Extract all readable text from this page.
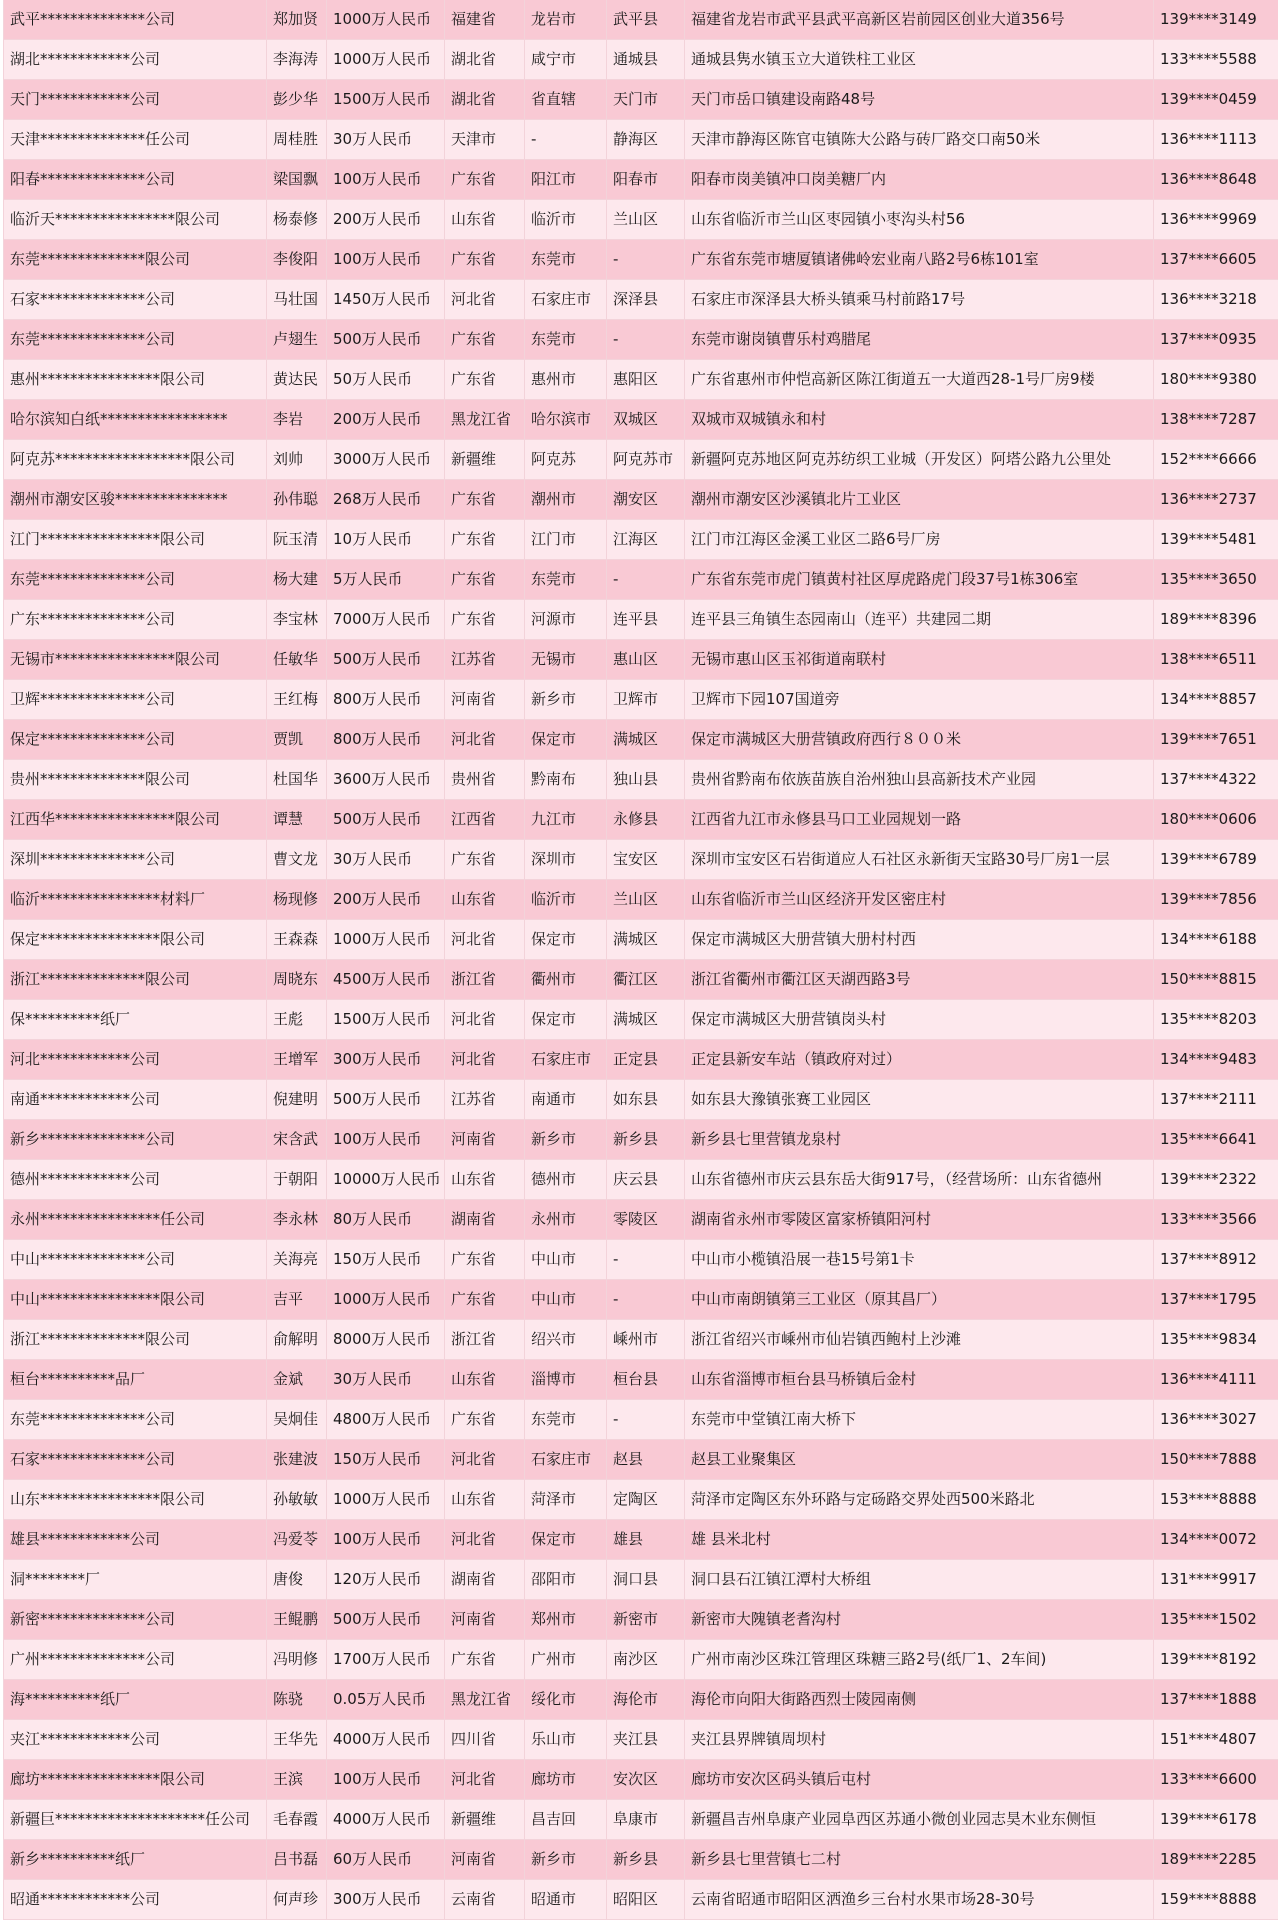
武平**************公司	郑加贤 1000万人民币	福建省	龙岩市	武平县	福建省龙岩市武平县武平高新区岩前园区创业大道356号	139****3149
湖北************公司	李海涛 1000万人民币	湖北省	咸宁市	通城县	通城县隽水镇玉立大道铁柱工业区	133****5588
天门************公司	彭少华 1500万人民币	湖北省	省直辖	天门市	天门市岳口镇建设南路48号	139****0459
天津**************任公司	周桂胜 30万人民币	天津市	-	静海区	天津市静海区陈官屯镇陈大公路与砖厂路交口南50米	136****1113
阳春**************公司	梁国飘 100万人民币	广东省	阳江市	阳春市	阳春市岗美镇冲口岗美糖厂内	136****8648
临沂天****************限公司	杨泰修 200万人民币	山东省	临沂市	兰山区	山东省临沂市兰山区枣园镇小枣沟头村56	136****9969
东莞**************限公司	李俊阳 100万人民币	广东省	东莞市	-	广东省东莞市塘厦镇诸佛岭宏业南八路2号6栋101室	137****6605
石家**************公司	马壮国 1450万人民币	河北省	石家庄市	深泽县	石家庄市深泽县大桥头镇乘马村前路17号	136****3218
东莞**************公司	卢翅生 500万人民币	广东省	东莞市	-	东莞市谢岗镇曹乐村鸡腊尾	137****0935
惠州****************限公司	黄达民 50万人民币	广东省	惠州市	惠阳区	广东省惠州市仲恺高新区陈江街道五一大道西28-1号厂房9楼	180****9380
哈尔滨知白纸*****************	李岩	200万人民币	黑龙江省	哈尔滨市	双城区	双城市双城镇永和村	138****7287
阿克苏******************限公司	刘帅	3000万人民币	新疆维	阿克苏	阿克苏市	新疆阿克苏地区阿克苏纺织工业城（开发区）阿塔公路九公里处	152****6666
潮州市潮安区骏***************	孙伟聪 268万人民币	广东省	潮州市	潮安区	潮州市潮安区沙溪镇北片工业区	136****2737
江门****************限公司	阮玉清 10万人民币	广东省	江门市	江海区	江门市江海区金溪工业区二路6号厂房	139****5481
东莞**************公司	杨大建 5万人民币	广东省	东莞市	-	广东省东莞市虎门镇黄村社区厚虎路虎门段37号1栋306室	135****3650
广东**************公司	李宝林 7000万人民币	广东省	河源市	连平县	连平县三角镇生态园南山（连平）共建园二期	189****8396
无锡市****************限公司	任敏华 500万人民币	江苏省	无锡市	惠山区	无锡市惠山区玉祁街道南联村	138****6511
卫辉**************公司	王红梅 800万人民币	河南省	新乡市	卫辉市	卫辉市下园107国道旁	134****8857
保定**************公司	贾凯	800万人民币	河北省	保定市	满城区	保定市满城区大册营镇政府西行８００米	139****7651
贵州**************限公司	杜国华 3600万人民币	贵州省	黔南布	独山县	贵州省黔南布依族苗族自治州独山县高新技术产业园	137****4322
江西华****************限公司	谭慧	500万人民币	江西省	九江市	永修县	江西省九江市永修县马口工业园规划一路	180****0606
深圳**************公司	曹文龙 30万人民币	广东省	深圳市	宝安区	深圳市宝安区石岩街道应人石社区永新街天宝路30号厂房1一层	139****6789
临沂****************材料厂	杨现修 200万人民币	山东省	临沂市	兰山区	山东省临沂市兰山区经济开发区密庄村	139****7856
保定****************限公司	王森森 1000万人民币	河北省	保定市	满城区	保定市满城区大册营镇大册村村西	134****6188
浙江**************限公司	周晓东 4500万人民币	浙江省	衢州市	衢江区	浙江省衢州市衢江区天湖西路3号	150****8815
保**********纸厂	王彪	1500万人民币	河北省	保定市	满城区	保定市满城区大册营镇岗头村	135****8203
河北************公司	王增军 300万人民币	河北省	石家庄市	正定县	正定县新安车站（镇政府对过）	134****9483
南通************公司	倪建明 500万人民币	江苏省	南通市	如东县	如东县大豫镇张赛工业园区	137****2111
新乡**************公司	宋含武 100万人民币	河南省	新乡市	新乡县	新乡县七里营镇龙泉村	135****6641
德州************公司	于朝阳 10000万人民币 山东省	德州市	庆云县	山东省德州市庆云县东岳大街917号，（经营场所：山东省德州	139****2322
永州****************任公司	李永林 80万人民币	湖南省	永州市	零陵区	湖南省永州市零陵区富家桥镇阳河村	133****3566
中山**************公司	关海亮 150万人民币	广东省	中山市	-	中山市小榄镇沿展一巷15号第1卡	137****8912
中山****************限公司	吉平	1000万人民币	广东省	中山市	-	中山市南朗镇第三工业区（原其昌厂）	137****1795
浙江**************限公司	俞解明 8000万人民币	浙江省	绍兴市	嵊州市	浙江省绍兴市嵊州市仙岩镇西鲍村上沙滩	135****9834
桓台**********品厂	金斌	30万人民币	山东省	淄博市	桓台县	山东省淄博市桓台县马桥镇后金村	136****4111
东莞**************公司	吴炯佳 4800万人民币	广东省	东莞市	-	东莞市中堂镇江南大桥下	136****3027
石家**************公司	张建波 150万人民币	河北省	石家庄市	赵县	赵县工业聚集区	150****7888
山东****************限公司	孙敏敏 1000万人民币	山东省	菏泽市	定陶区	菏泽市定陶区东外环路与定砀路交界处西500米路北	153****8888
雄县************公司	冯爱苓 100万人民币	河北省	保定市	雄县	雄 县米北村	134****0072
洞********厂	唐俊	120万人民币	湖南省	邵阳市	洞口县	洞口县石江镇江潭村大桥组	131****9917
新密**************公司	王鲲鹏 500万人民币	河南省	郑州市	新密市	新密市大隗镇老耆沟村	135****1502
广州**************公司	冯明修 1700万人民币	广东省	广州市	南沙区	广州市南沙区珠江管理区珠糖三路2号(纸厂1、2车间)	139****8192
海**********纸厂	陈骁	0.05万人民币	黑龙江省	绥化市	海伦市	海伦市向阳大街路西烈士陵园南侧	137****1888
夹江************公司	王华先 4000万人民币	四川省	乐山市	夹江县	夹江县界牌镇周坝村	151****4807
廊坊****************限公司	王滨	100万人民币	河北省	廊坊市	安次区	廊坊市安次区码头镇后屯村	133****6600
新疆巨********************任公司	毛春霞 4000万人民币	新疆维	昌吉回	阜康市	新疆昌吉州阜康产业园阜西区苏通小微创业园志昊木业东侧恒	139****6178
新乡**********纸厂	吕书磊 60万人民币	河南省	新乡市	新乡县	新乡县七里营镇七二村	189****2285
昭通************公司	何声珍 300万人民币	云南省	昭通市	昭阳区	云南省昭通市昭阳区洒渔乡三台村水果市场28-30号	159****8888
